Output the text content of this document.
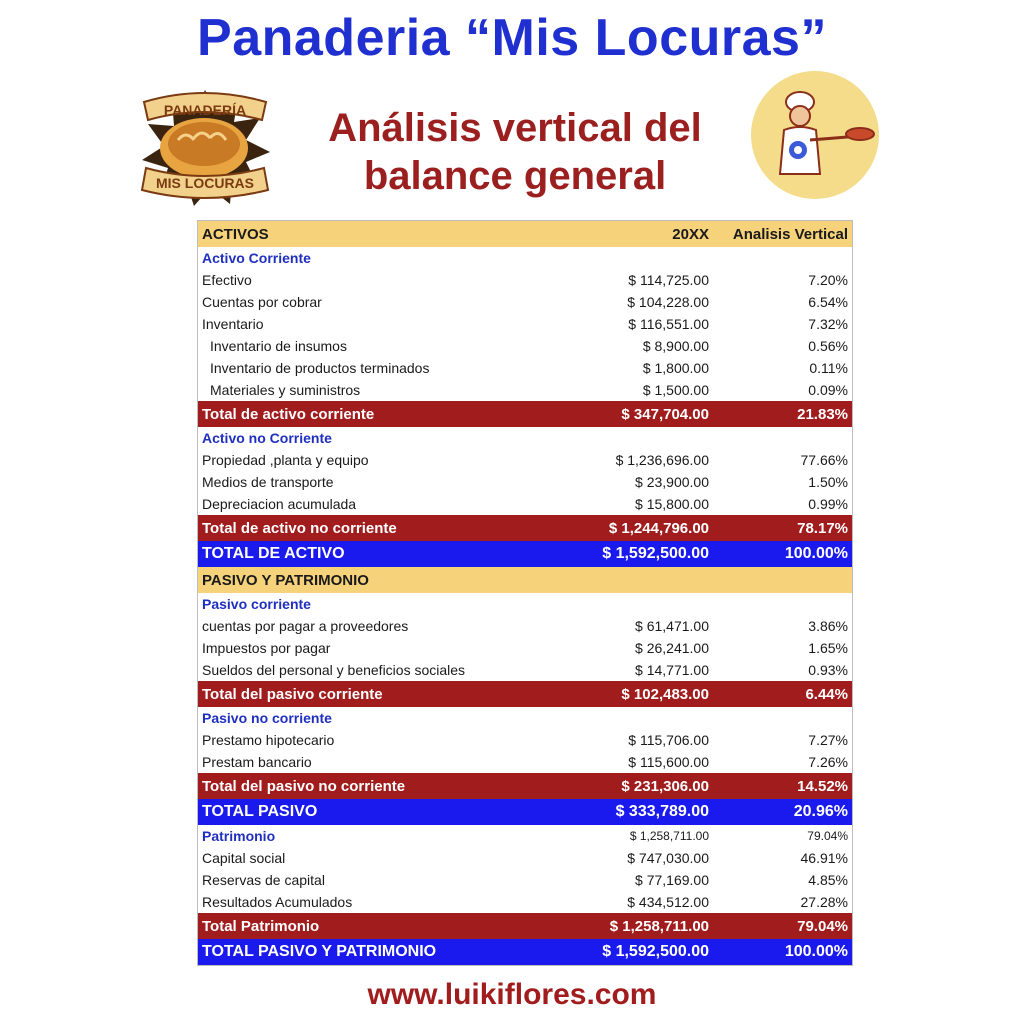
Panaderia “Mis Locuras”
PANADERÍA
MIS LOCURAS
Análisis vertical del
balance general
ACTIVOS	20XX	Analisis Vertical
Activo Corriente
Efectivo	$ 114,725.00	7.20%
Cuentas por cobrar	$ 104,228.00	6.54%
Inventario	$ 116,551.00	7.32%
Inventario de insumos	$ 8,900.00	0.56%
Inventario de productos terminados	$ 1,800.00	0.11%
Materiales y suministros	$ 1,500.00	0.09%
Total de activo corriente	$ 347,704.00	21.83%
Activo no Corriente
Propiedad ,planta y equipo	$ 1,236,696.00	77.66%
Medios de transporte	$ 23,900.00	1.50%
Depreciacion acumulada	$ 15,800.00	0.99%
Total de activo no corriente	$ 1,244,796.00	78.17%
TOTAL DE ACTIVO	$ 1,592,500.00	100.00%
PASIVO Y PATRIMONIO
Pasivo corriente
cuentas por pagar a proveedores	$ 61,471.00	3.86%
Impuestos por pagar	$ 26,241.00	1.65%
Sueldos del personal y beneficios sociales	$ 14,771.00	0.93%
Total del pasivo corriente	$ 102,483.00	6.44%
Pasivo no corriente
Prestamo hipotecario	$ 115,706.00	7.27%
Prestam bancario	$ 115,600.00	7.26%
Total del pasivo no corriente	$ 231,306.00	14.52%
TOTAL PASIVO	$ 333,789.00	20.96%
Patrimonio	$ 1,258,711.00	79.04%
Capital social	$ 747,030.00	46.91%
Reservas de capital	$ 77,169.00	4.85%
Resultados Acumulados	$ 434,512.00	27.28%
Total Patrimonio	$ 1,258,711.00	79.04%
TOTAL PASIVO Y PATRIMONIO	$ 1,592,500.00	100.00%
www.luikiflores.com
